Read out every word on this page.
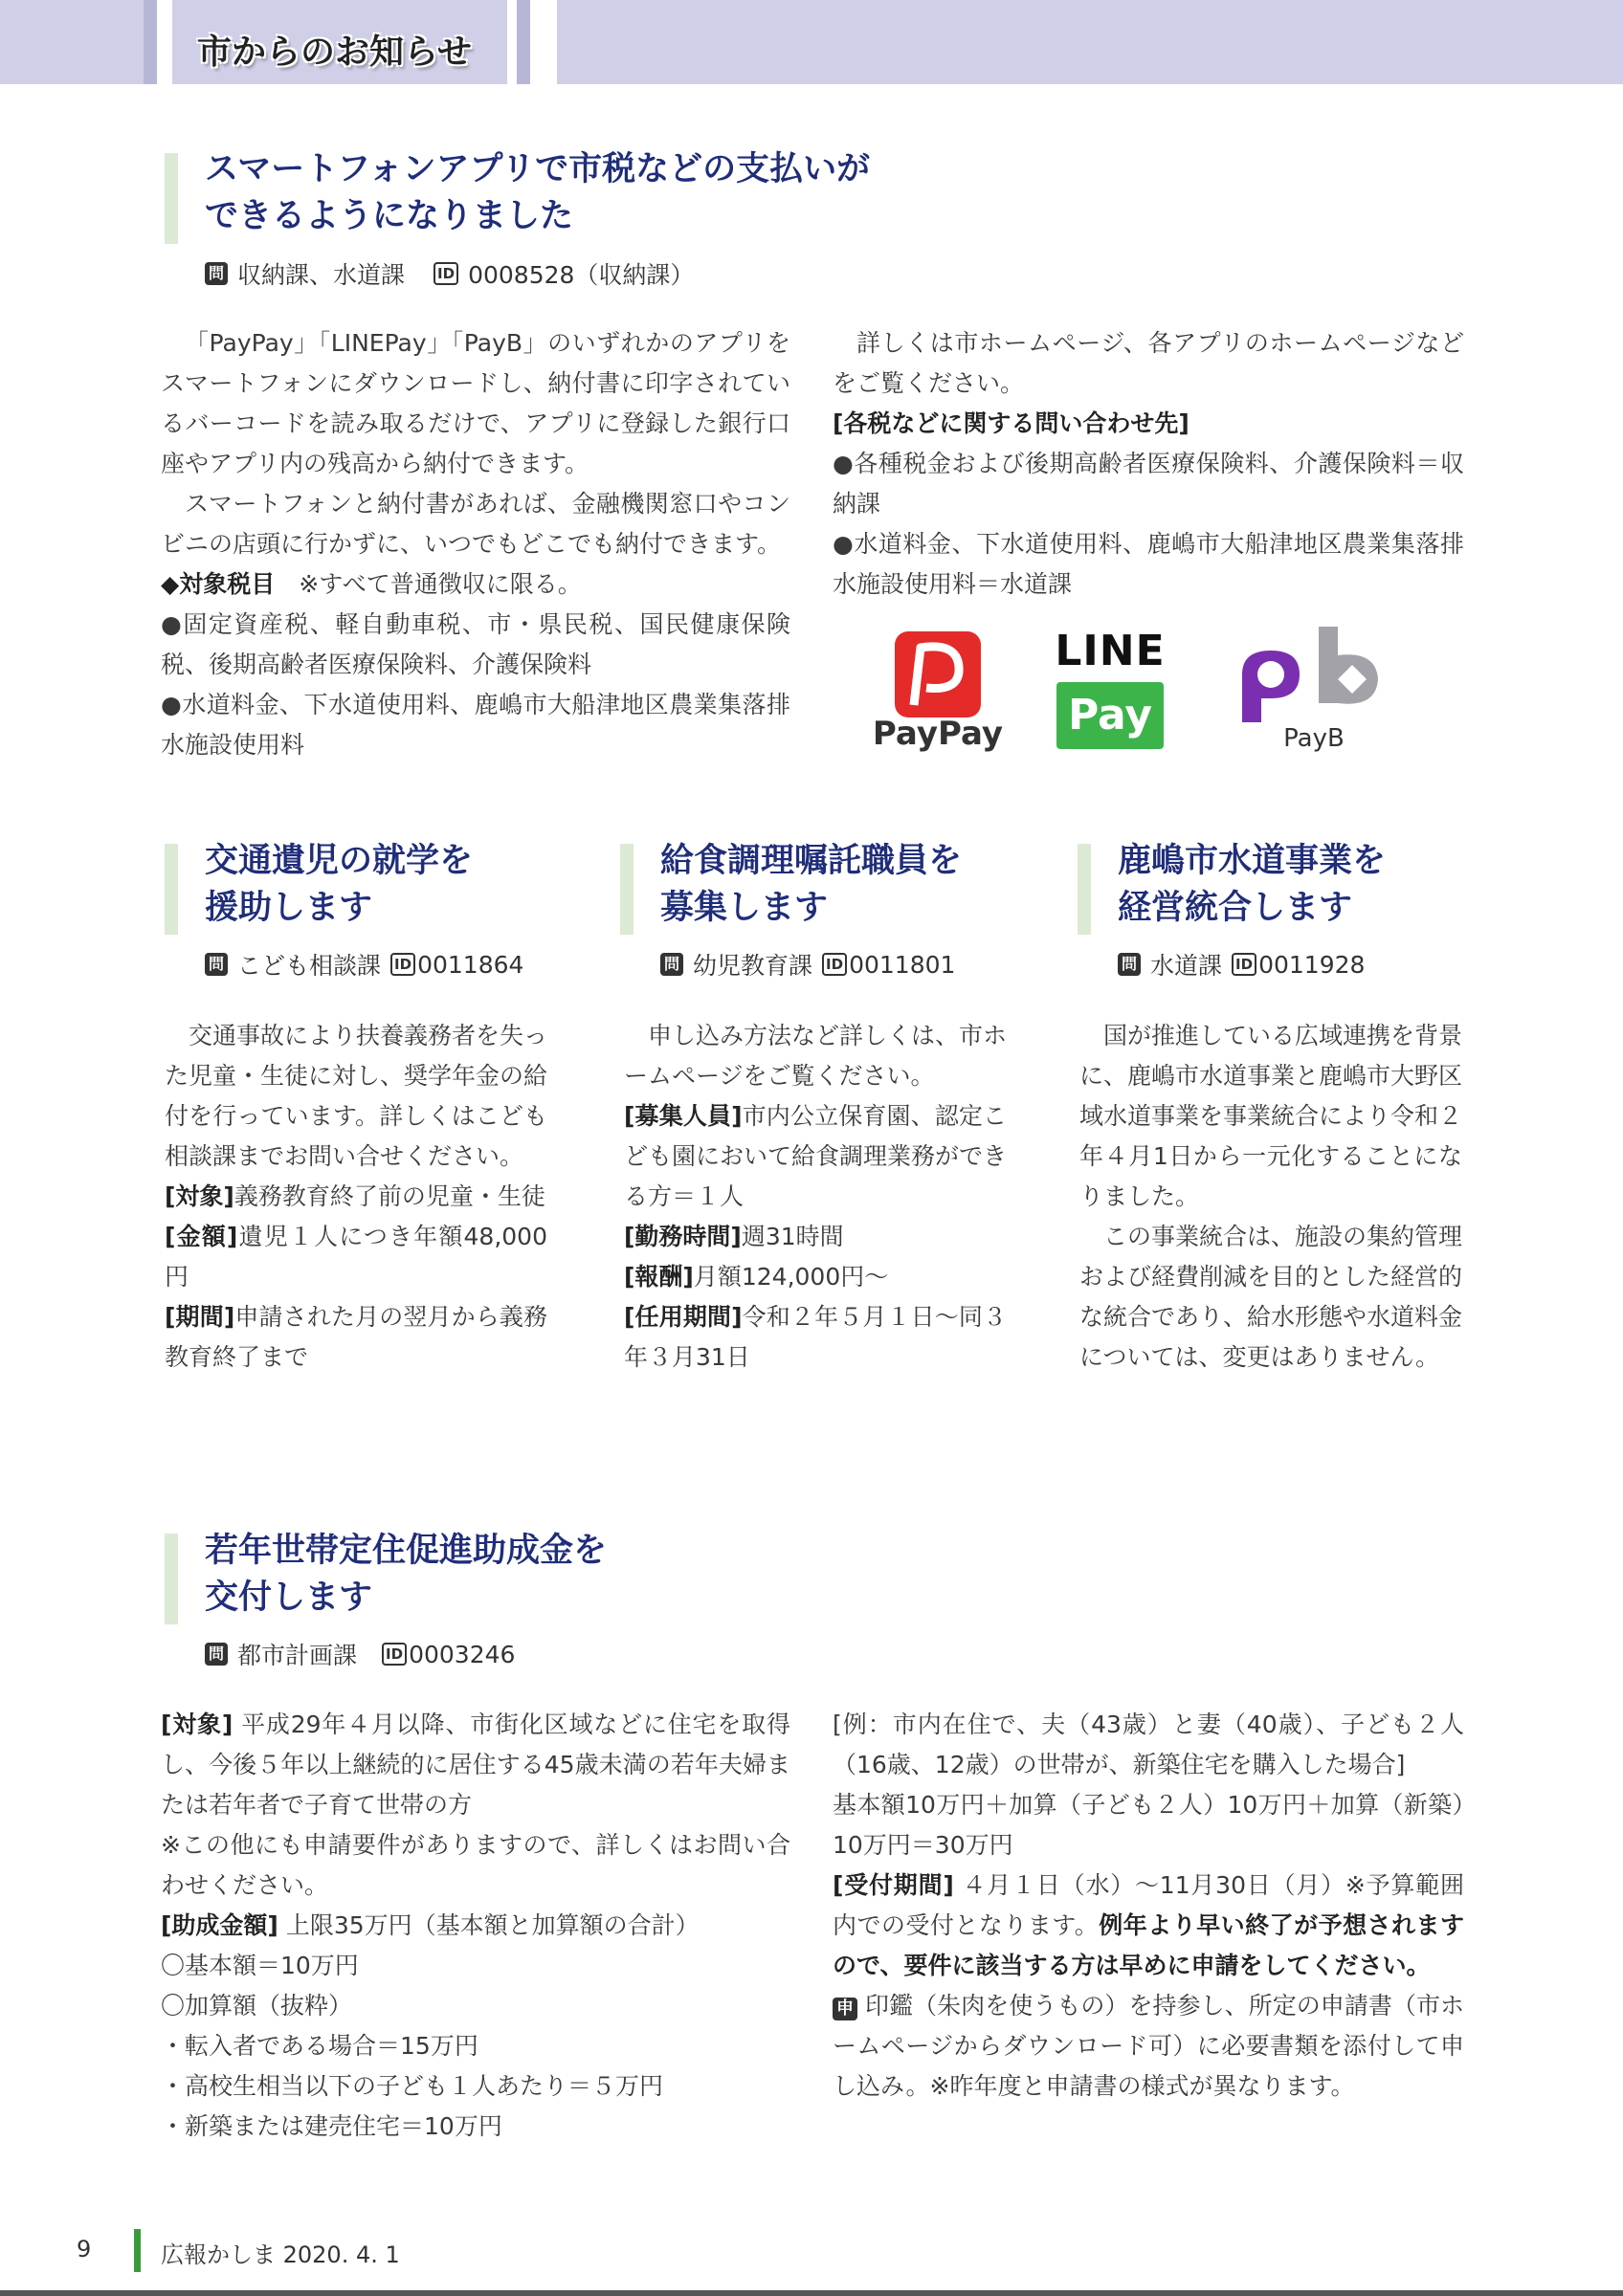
市からのお知らせ
スマートフォンアプリで市税などの支払いが
できるようになりました
問 収納課、水道課 ID 0008528（収納課）

「PayPay」「LINEPay」「PayB」のいずれかのアプリをスマートフォンにダウンロードし、納付書に印字されているバーコードを読み取るだけで、アプリに登録した銀行口座やアプリ内の残高から納付できます。

スマートフォンと納付書があれば、金融機関窓口やコンビニの店頭に行かずに、いつでもどこでも納付できます。

◆対象税目　 ※すべて普通徴収に限る。

●固定資産税、軽自動車税、市・県民税、国民健康保険税、後期高齢者医療保険料、介護保険料

●水道料金、下水道使用料、鹿嶋市大船津地区農業集落排水施設使用料

詳しくは市ホームページ、各アプリのホームページなどをご覧ください。

[各税などに関する問い合わせ先]

●各種税金および後期高齢者医療保険料、介護保険料＝収納課

●水道料金、下水道使用料、鹿嶋市大船津地区農業集落排水施設使用料＝水道課

PayPay
LINE
Pay	PayB
交通遺児の就学を
援助します
問 こども相談課 ID 0011864

交通事故により扶養義務者を失った児童・生徒に対し、奨学年金の給付を行っています。詳しくはこども相談課までお問い合せください。

[対象]義務教育終了前の児童・生徒

[金額]遺児１人につき年額48,000円

[期間]申請された月の翌月から義務教育終了まで

給食調理嘱託職員を
募集します
問 幼児教育課 ID 0011801

申し込み方法など詳しくは、市ホームページをご覧ください。

[募集人員]市内公立保育園、認定こども園において給食調理業務ができる方＝１人

[勤務時間]週31時間

[報酬]月額124,000円～

[任用期間]令和２年５月１日～同３年３月31日

鹿嶋市水道事業を
経営統合します
問 水道課 ID 0011928

国が推進している広域連携を背景に、鹿嶋市水道事業と鹿嶋市大野区域水道事業を事業統合により令和２年４月1日から一元化することになりました。

この事業統合は、施設の集約管理および経費削減を目的とした経営的な統合であり、給水形態や水道料金については、変更はありません。

若年世帯定住促進助成金を
交付します
問 都市計画課 ID 0003246

[対象] 平成29年４月以降、市街化区域などに住宅を取得し、今後５年以上継続的に居住する45歳未満の若年夫婦または若年者で子育て世帯の方

※この他にも申請要件がありますので、詳しくはお問い合わせください。

[助成金額] 上限35万円（基本額と加算額の合計）

〇基本額＝10万円

〇加算額（抜粋）

・転入者である場合＝15万円

・高校生相当以下の子ども１人あたり＝５万円

・新築または建売住宅＝10万円

[例：市内在住で、夫（43歳）と妻（40歳）、子ども２人（16歳、12歳）の世帯が、新築住宅を購入した場合]

基本額10万円＋加算（子ども２人）10万円＋加算（新築）10万円＝30万円

[受付期間] ４月１日（水）～11月30日（月）※予算範囲内での受付となります。例年より早い終了が予想されますので、要件に該当する方は早めに申請をしてください。

申 印鑑（朱肉を使うもの）を持参し、所定の申請書（市ホームページからダウンロード可）に必要書類を添付して申し込み。※昨年度と申請書の様式が異なります。

9	広報かしま 2020. 4. 1
